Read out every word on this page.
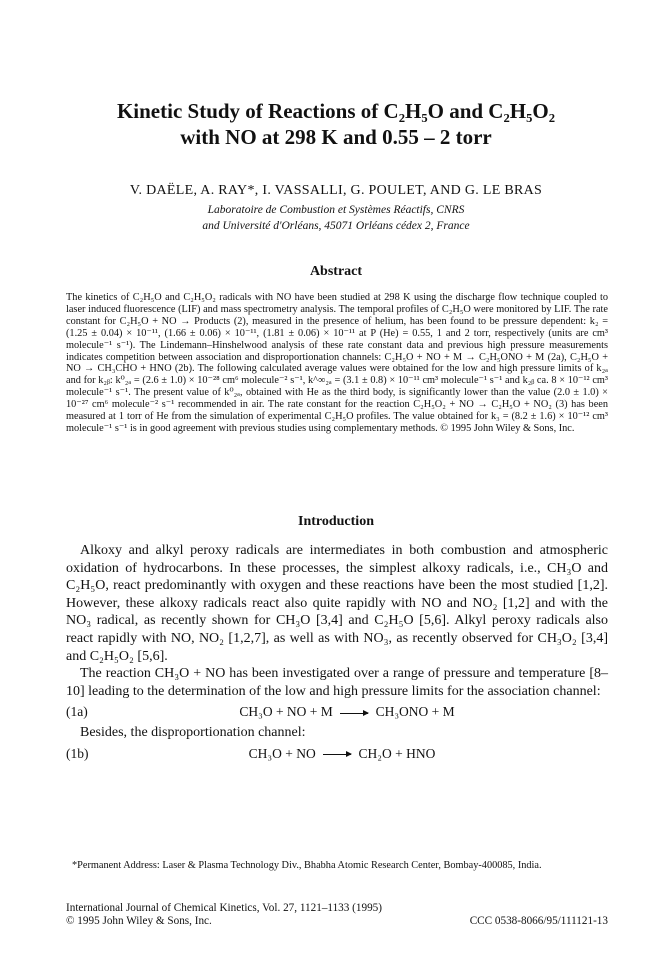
Kinetic Study of Reactions of C₂H₅O and C₂H₅O₂
with NO at 298 K and 0.55 – 2 torr
V. DAËLE, A. RAY*, I. VASSALLI, G. POULET, AND G. LE BRAS
Laboratoire de Combustion et Systèmes Réactifs, CNRS
and Université d'Orléans, 45071 Orléans cédex 2, France
Abstract

The kinetics of C₂H₅O and C₂H₅O₂ radicals with NO have been studied at 298 K using the discharge flow technique coupled to laser induced fluorescence (LIF) and mass spectrometry analysis. The temporal profiles of C₂H₅O were monitored by LIF. The rate constant for C₂H₅O + NO → Products (2), measured in the presence of helium, has been found to be pressure dependent: k₂ = (1.25 ± 0.04) × 10⁻¹¹, (1.66 ± 0.06) × 10⁻¹¹, (1.81 ± 0.06) × 10⁻¹¹ at P (He) = 0.55, 1 and 2 torr, respectively (units are cm³ molecule⁻¹ s⁻¹). The Lindemann–Hinshelwood analysis of these rate constant data and previous high pressure measurements indicates competition between association and disproportionation channels: C₂H₅O + NO + M → C₂H₅ONO + M (2a), C₂H₅O + NO → CH₃CHO + HNO (2b). The following calculated average values were obtained for the low and high pressure limits of k₂ₐ and for k₂ᵦ: k⁰₂ₐ = (2.6 ± 1.0) × 10⁻²⁸ cm⁶ molecule⁻² s⁻¹, k^∞₂ₐ = (3.1 ± 0.8) × 10⁻¹¹ cm³ molecule⁻¹ s⁻¹ and k₂ᵦ ca. 8 × 10⁻¹² cm³ molecule⁻¹ s⁻¹. The present value of k⁰₂ₐ, obtained with He as the third body, is significantly lower than the value (2.0 ± 1.0) × 10⁻²⁷ cm⁶ molecule⁻² s⁻¹ recommended in air. The rate constant for the reaction C₂H₅O₂ + NO → C₂H₅O + NO₂ (3) has been measured at 1 torr of He from the simulation of experimental C₂H₅O profiles. The value obtained for k₃ = (8.2 ± 1.6) × 10⁻¹² cm³ molecule⁻¹ s⁻¹ is in good agreement with previous studies using complementary methods. © 1995 John Wiley & Sons, Inc.

Introduction

Alkoxy and alkyl peroxy radicals are intermediates in both combustion and atmospheric oxidation of hydrocarbons. In these processes, the simplest alkoxy radicals, i.e., CH₃O and C₂H₅O, react predominantly with oxygen and these reactions have been the most studied [1,2]. However, these alkoxy radicals react also quite rapidly with NO and NO₂ [1,2] and with the NO₃ radical, as recently shown for CH₃O [3,4] and C₂H₅O [5,6]. Alkyl peroxy radicals also react rapidly with NO, NO₂ [1,2,7], as well as with NO₃, as recently observed for CH₃O₂ [3,4] and C₂H₅O₂ [5,6].

The reaction CH₃O + NO has been investigated over a range of pressure and temperature [8–10] leading to the determination of the low and high pressure limits for the association channel:

(1a)	CH₃O + NO + M → CH₃ONO + M

Besides, the disproportionation channel:

(1b)	CH₃O + NO → CH₂O + HNO

*Permanent Address: Laser & Plasma Technology Div., Bhabha Atomic Research Center, Bombay-400085, India.

International Journal of Chemical Kinetics, Vol. 27, 1121–1133 (1995)
© 1995 John Wiley & Sons, Inc.	CCC 0538-8066/95/111121-13
